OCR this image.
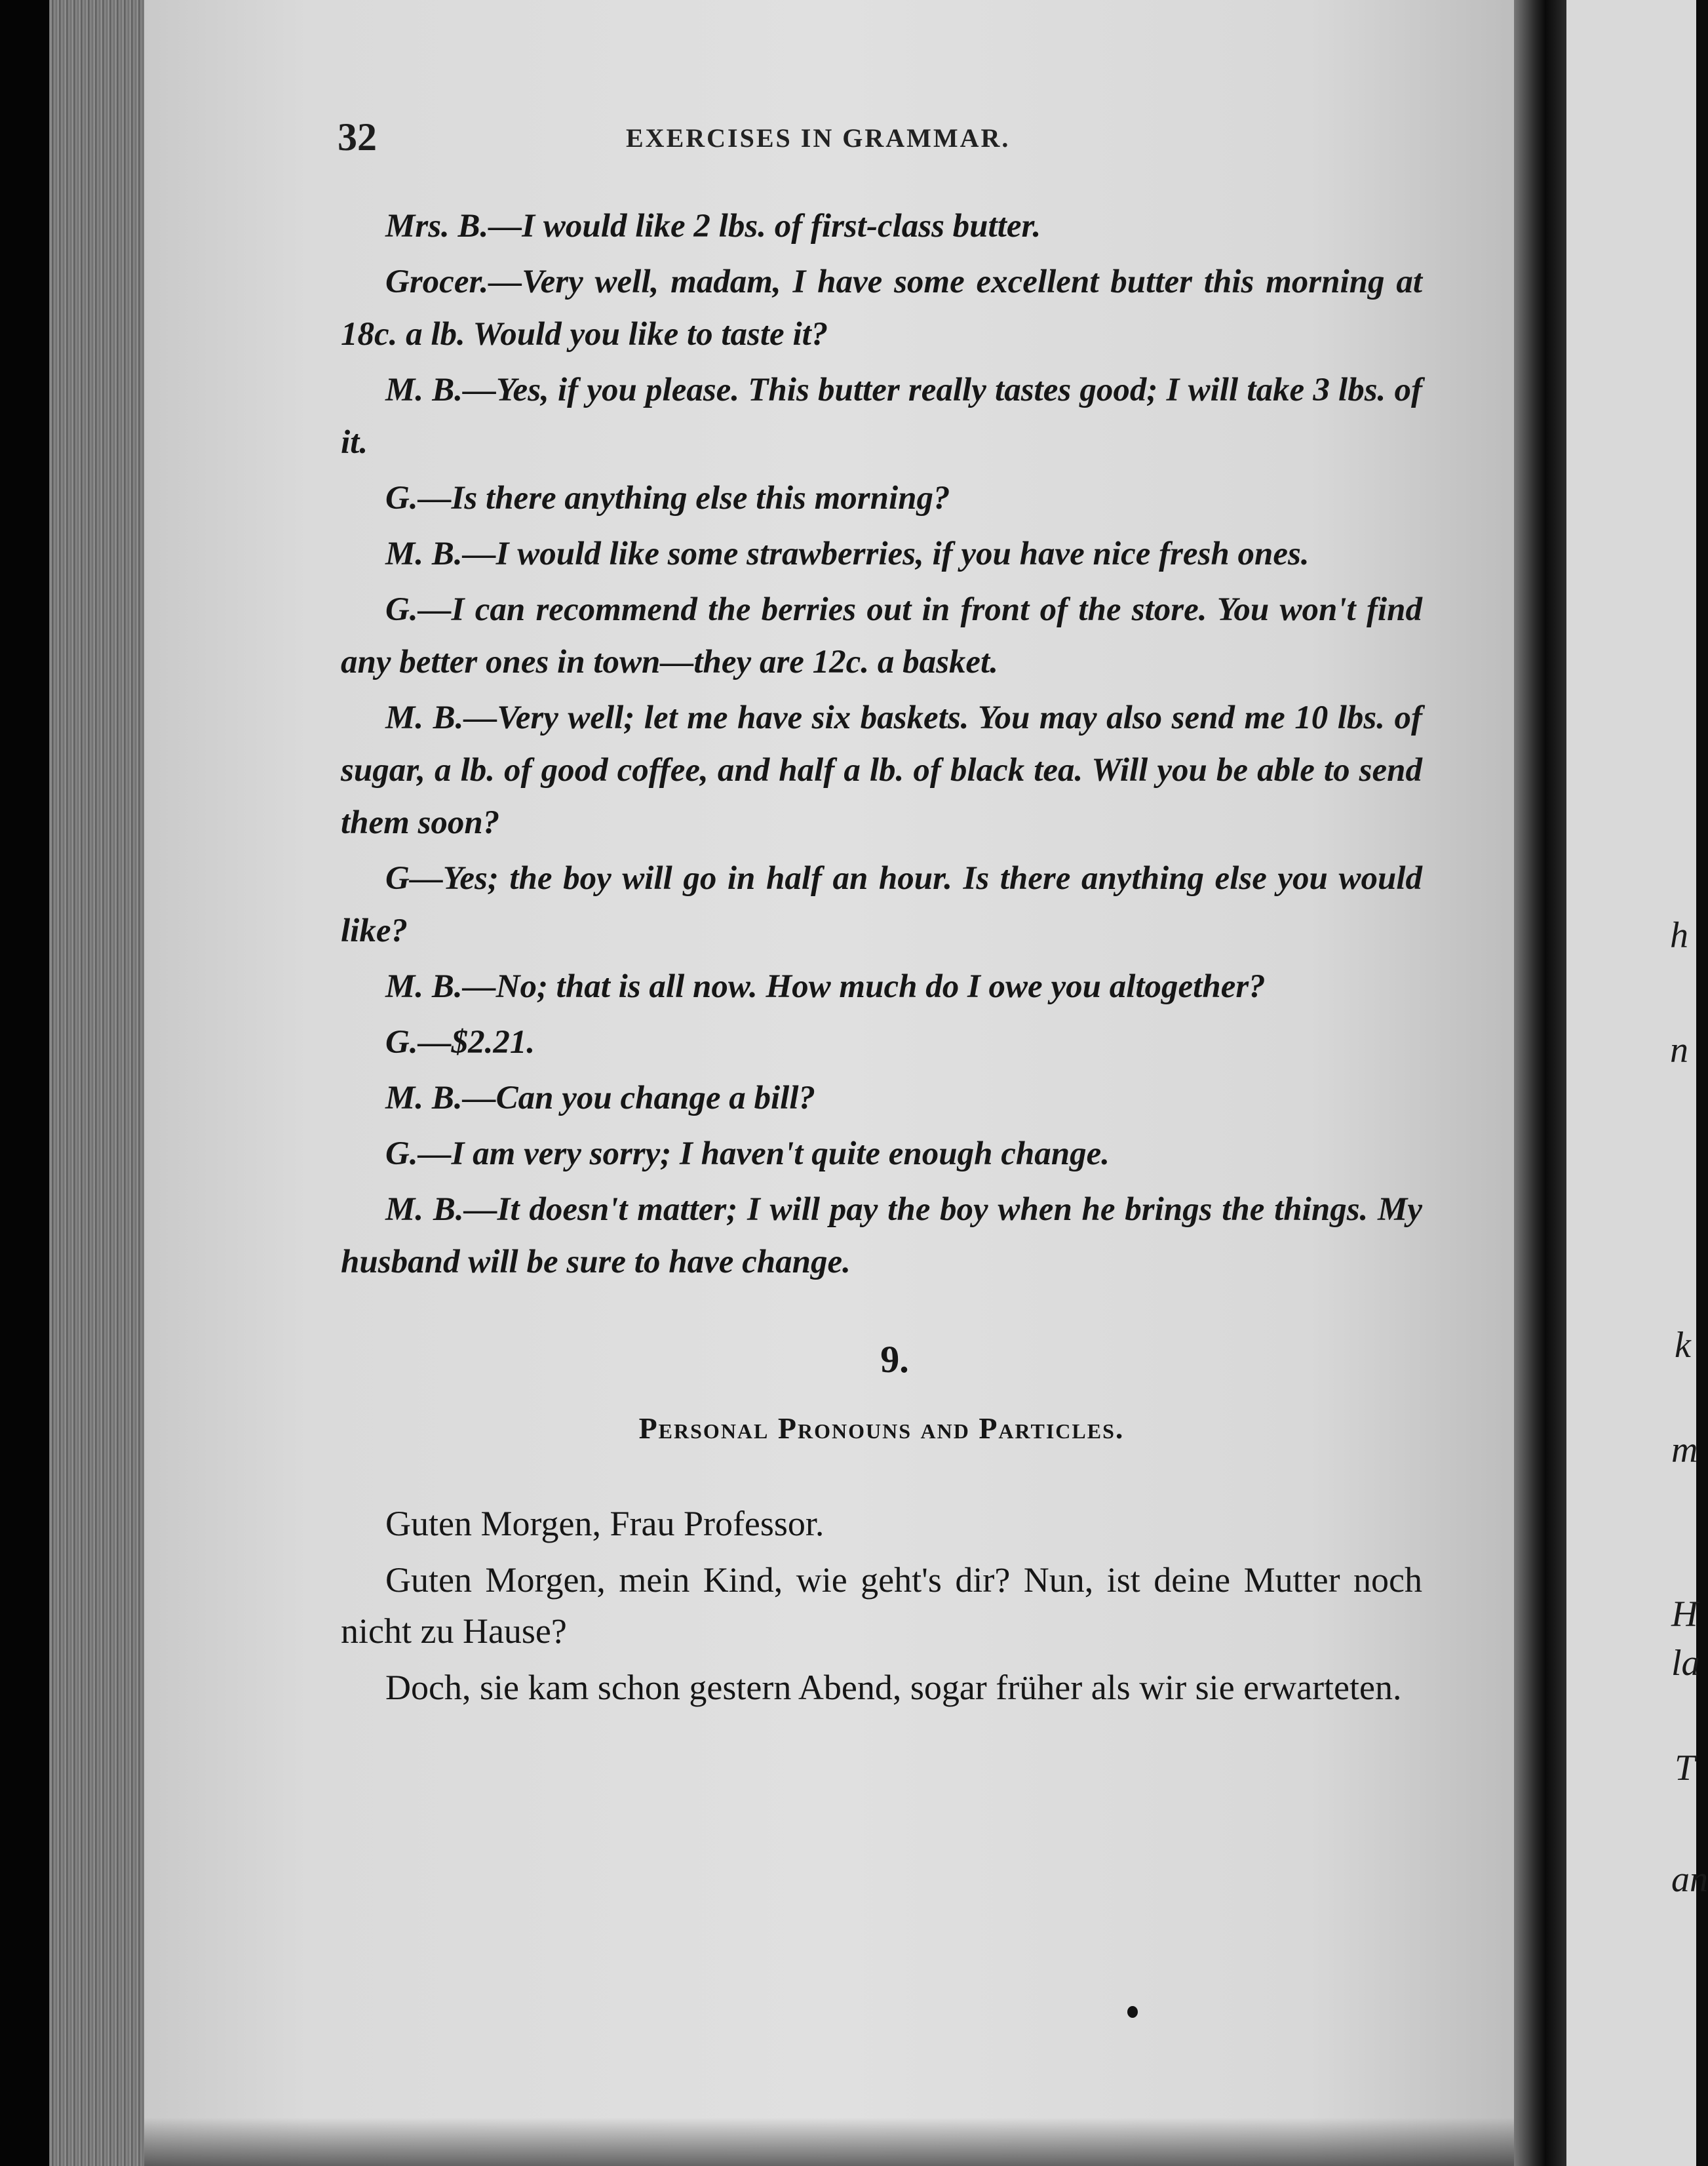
h
n
k
m
H
la
T
an
32	EXERCISES IN GRAMMAR.

Mrs. B.—I would like 2 lbs. of first-class butter.

Grocer.—Very well, madam, I have some excellent butter this morning at 18c. a lb. Would you like to taste it?

M. B.—Yes, if you please. This butter really tastes good; I will take 3 lbs. of it.

G.—Is there anything else this morning?

M. B.—I would like some strawberries, if you have nice fresh ones.

G.—I can recommend the berries out in front of the store. You won't find any better ones in town—they are 12c. a basket.

M. B.—Very well; let me have six baskets. You may also send me 10 lbs. of sugar, a lb. of good coffee, and half a lb. of black tea. Will you be able to send them soon?

G—Yes; the boy will go in half an hour. Is there anything else you would like?

M. B.—No; that is all now. How much do I owe you altogether?

G.—$2.21.

M. B.—Can you change a bill?

G.—I am very sorry; I haven't quite enough change.

M. B.—It doesn't matter; I will pay the boy when he brings the things. My husband will be sure to have change.

9.
Personal Pronouns and Particles.

Guten Morgen, Frau Professor.

Guten Morgen, mein Kind, wie geht's dir? Nun, ist deine Mutter noch nicht zu Hause?

Doch, sie kam schon gestern Abend, sogar früher als wir sie erwarteten.
